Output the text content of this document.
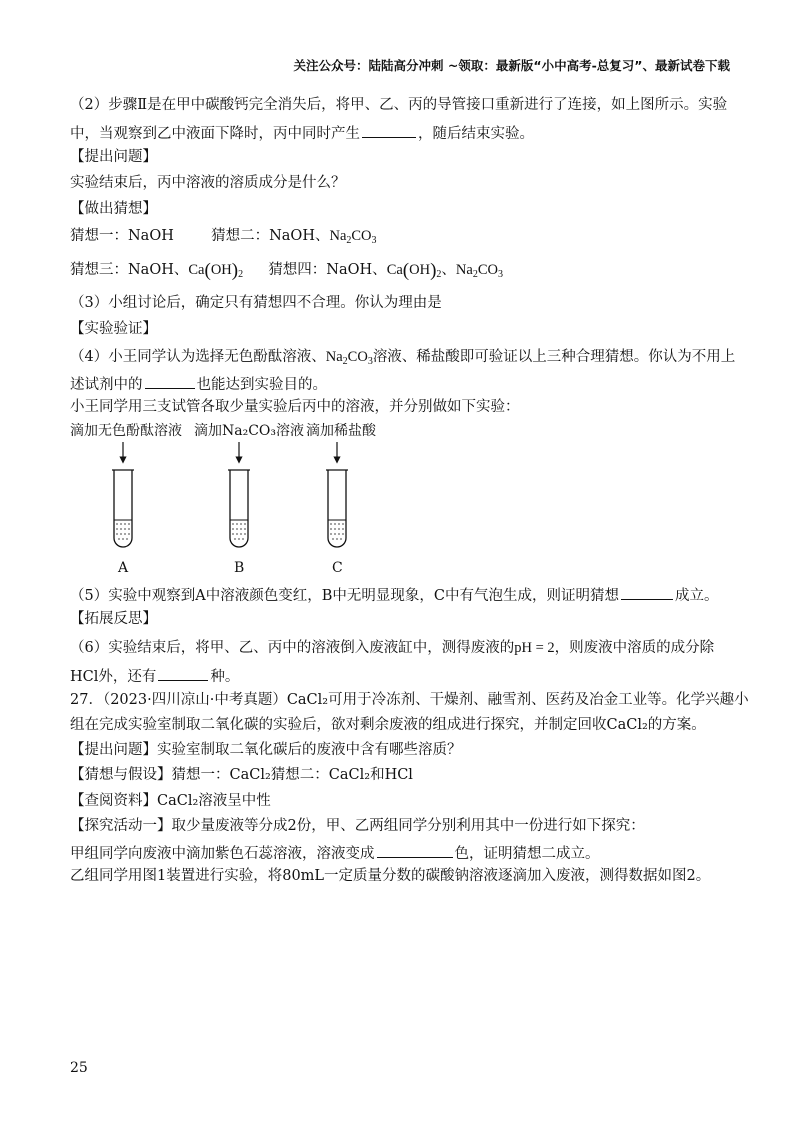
关注公众号：陆陆高分冲刺 ~领取：最新版“小中高考-总复习”、最新试卷下载
（2）步骤Ⅱ是在甲中碳酸钙完全消失后，将甲、乙、丙的导管接口重新进行了连接，如上图所示。实验
中，当观察到乙中液面下降时，丙中同时产生	，随后结束实验。
【提出问题】
实验结束后，丙中溶液的溶质成分是什么？
【做出猜想】
猜想一：NaOH	猜想二：NaOH、$Na_2CO_3$
猜想三：NaOH、$Ca(OH)_2$ 猜想四：NaOH、$Ca(OH)_2$、$Na_2CO_3$
（3）小组讨论后，确定只有猜想四不合理。你认为理由是
【实验验证】
（4）小王同学认为选择无色酚酞溶液、$Na_2CO_3$溶液、稀盐酸即可验证以上三种合理猜想。你认为不用上
述试剂中的	也能达到实验目的。
小王同学用三支试管各取少量实验后丙中的溶液，并分别做如下实验：
滴加无色酚酞溶液 滴加Na₂CO₃溶液 滴加稀盐酸
A	B	C
（5）实验中观察到A中溶液颜色变红，B中无明显现象，C中有气泡生成，则证明猜想	成立。
【拓展反思】
（6）实验结束后，将甲、乙、丙中的溶液倒入废液缸中，测得废液的pH = 2，则废液中溶质的成分除
HCl外，还有	种。
27．（2023·四川凉山·中考真题）CaCl₂可用于冷冻剂、干燥剂、融雪剂、医药及冶金工业等。化学兴趣小
组在完成实验室制取二氧化碳的实验后，欲对剩余废液的组成进行探究，并制定回收CaCl₂的方案。
【提出问题】实验室制取二氧化碳后的废液中含有哪些溶质？
【猜想与假设】猜想一：CaCl₂猜想二：CaCl₂和HCl
【查阅资料】CaCl₂溶液呈中性
【探究活动一】取少量废液等分成2份，甲、乙两组同学分别利用其中一份进行如下探究：
甲组同学向废液中滴加紫色石蕊溶液，溶液变成	色，证明猜想二成立。
乙组同学用图1装置进行实验，将80mL一定质量分数的碳酸钠溶液逐滴加入废液，测得数据如图2。
25
